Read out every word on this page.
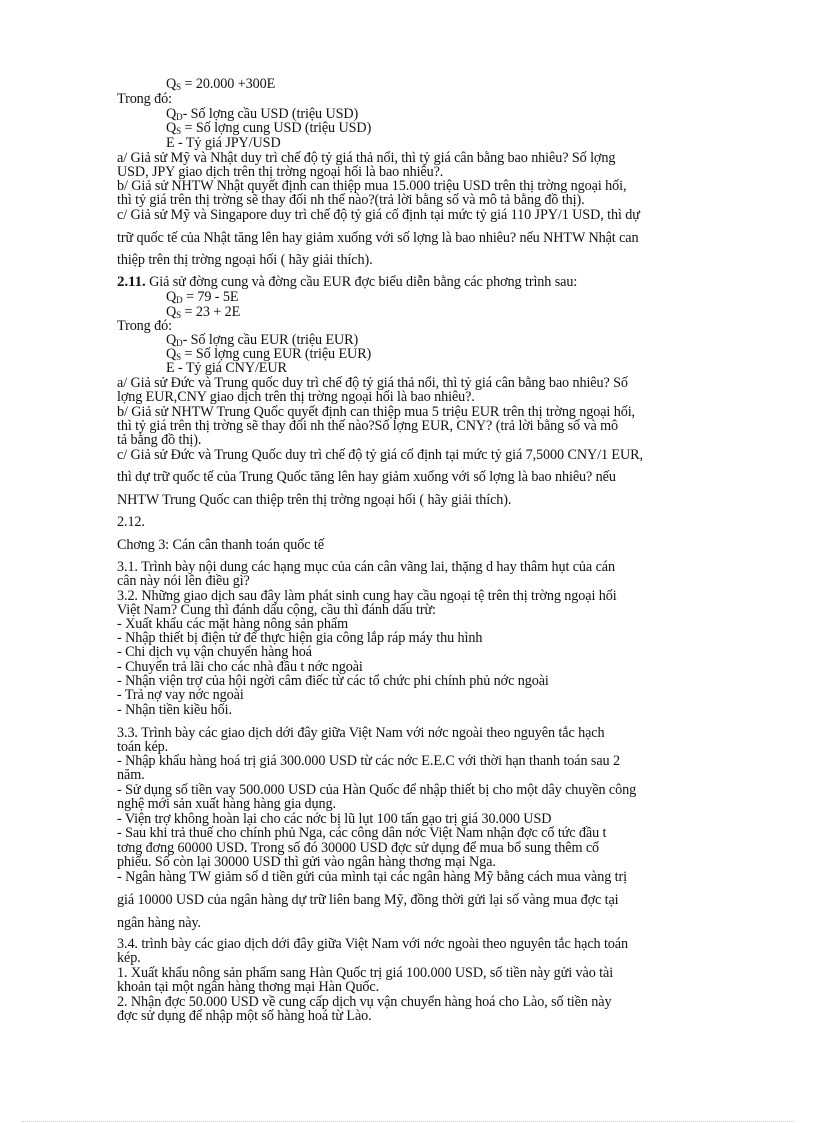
$Q_S = 20.000 +300E$
Trong đó:
$Q_D-$ Số lợng cầu USD (triệu USD)
$Q_S$ = Số lợng cung USD (triệu USD)
E - Tỷ giá JPY/USD
a/ Giả sử Mỹ và Nhật duy trì chế độ tỷ giá thả nổi, thì tỷ giá cân bằng bao nhiêu? Số lợng
USD, JPY giao dịch trên thị trờng ngoại hối là bao nhiêu?.
b/ Giả sử NHTW Nhật quyết định can thiệp mua 15.000 triệu USD trên thị trờng ngoại hối,
thì tỷ giá trên thị trờng sẽ thay đổi nh thế nào?(trả lời bằng số và mô tả bằng đồ thị).
c/ Giả sử Mỹ và Singapore duy trì chế độ tỷ giá cố định tại mức tỷ giá 110 JPY/1 USD, thì dự
trữ quốc tế của Nhật tăng lên hay giảm xuống với số lợng là bao nhiêu? nếu NHTW Nhật can
thiệp trên thị trờng ngoại hối ( hãy giải thích).
2.11. Giả sử đờng cung và đờng cầu EUR đợc biểu diễn bằng các phơng trình sau:
$Q_D = 79 - 5E$
$Q_S = 23 + 2E$
Trong đó:
$Q_D-$ Số lợng cầu EUR (triệu EUR)
$Q_S$ = Số lợng cung EUR (triệu EUR)
E - Tỷ giá CNY/EUR
a/ Giả sử Đức và Trung quốc duy trì chế độ tỷ giá thả nổi, thì tỷ giá cân bằng bao nhiêu? Số
lợng EUR,CNY giao dịch trên thị trờng ngoại hối là bao nhiêu?.
b/ Giả sử NHTW Trung Quốc quyết định can thiệp mua 5 triệu EUR trên thị trờng ngoại hối,
thì tỷ giá trên thị trờng sẽ thay đổi nh thế nào?Số lợng EUR, CNY? (trả lời bằng số và mô
tả bằng đồ thị).
c/ Giả sử Đức và Trung Quốc duy trì chế độ tỷ giá cố định tại mức tỷ giá 7,5000 CNY/1 EUR,
thì dự trữ quốc tế của Trung Quốc tăng lên hay giảm xuống với số lợng là bao nhiêu? nếu
NHTW Trung Quốc can thiệp trên thị trờng ngoại hối ( hãy giải thích).
2.12.
Chơng 3: Cán cân thanh toán quốc tế
3.1. Trình bày nội dung các hạng mục của cán cân vãng lai, thặng d hay thâm hụt của cán
cân này nói lên điều gì?
3.2. Những giao dịch sau đây làm phát sinh cung hay cầu ngoại tệ trên thị trờng ngoại hối
Việt Nam? Cung thì đánh dấu cộng, cầu thì đánh dấu trừ:
- Xuất khẩu các mặt hàng nông sản phẩm
- Nhập thiết bị điện tử để thực hiện gia công lắp ráp máy thu hình
- Chi dịch vụ vận chuyển hàng hoá
- Chuyển trả lãi cho các nhà đầu t nớc ngoài
- Nhận viện trợ của hội ngời câm điếc từ các tổ chức phi chính phủ nớc ngoài
- Trả nợ vay nớc ngoài
- Nhận tiền kiều hối.
3.3. Trình bày các giao dịch dới đây giữa Việt Nam với nớc ngoài theo nguyên tắc hạch
toán kép.
- Nhập khẩu hàng hoá trị giá 300.000 USD từ các nớc E.E.C với thời hạn thanh toán sau 2
năm.
- Sử dụng số tiền vay 500.000 USD của Hàn Quốc để nhập thiết bị cho một dây chuyền công
nghệ mới sản xuất hàng hàng gia dụng.
- Viện trợ không hoàn lại cho các nớc bị lũ lụt 100 tấn gạo trị giá 30.000 USD
- Sau khi trả thuế cho chính phủ Nga, các công dân nớc Việt Nam nhận đợc cổ tức đầu t
tơng đơng 60000 USD. Trong số đó 30000 USD đợc sử dụng để mua bổ sung thêm cổ
phiếu. Số còn lại 30000 USD thì gửi vào ngân hàng thơng mại Nga.
- Ngân hàng TW giảm số d tiền gửi của mình tại các ngân hàng Mỹ bằng cách mua vàng trị
giá 10000 USD của ngân hàng dự trữ liên bang Mỹ, đồng thời gửi lại số vàng mua đợc tại
ngân hàng này.
3.4. trình bày các giao dịch dới đây giữa Việt Nam với nớc ngoài theo nguyên tắc hạch toán
kép.
1. Xuất khẩu nông sản phẩm sang Hàn Quốc trị giá 100.000 USD, số tiền này gửi vào tài
khoản tại một ngân hàng thơng mại Hàn Quốc.
2. Nhận đợc 50.000 USD về cung cấp dịch vụ vận chuyển hàng hoá cho Lào, số tiền này
đợc sử dụng để nhập một số hàng hoá từ Lào.
